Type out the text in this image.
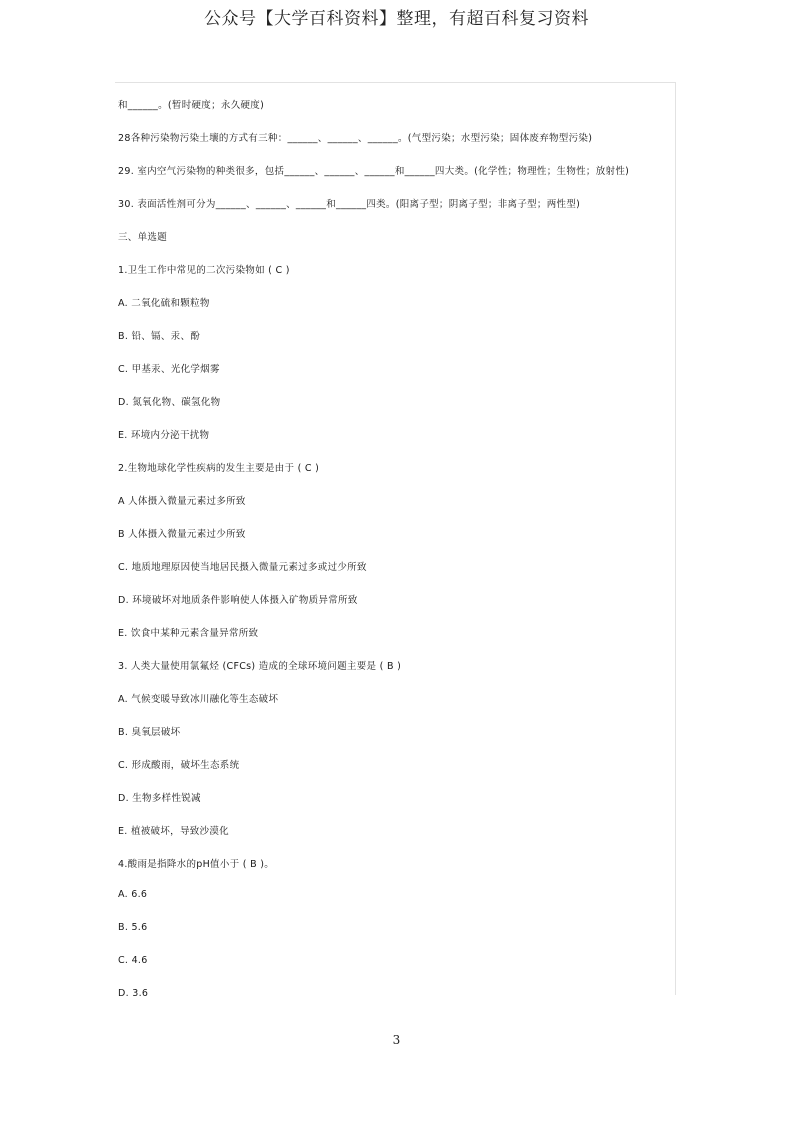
公众号【大学百科资料】整理，有超百科复习资料
和______。(暂时硬度；永久硬度)
28各种污染物污染土壤的方式有三种：______、______、______。(气型污染；水型污染；固体废弃物型污染)
29. 室内空气污染物的种类很多，包括______、______、______和______四大类。(化学性；物理性；生物性；放射性)
30. 表面活性剂可分为______、______、______和______四类。(阳离子型；阴离子型；非离子型；两性型)
三、单选题
1.卫生工作中常见的二次污染物如 ( C )
A. 二氧化硫和颗粒物
B. 铅、镉、汞、酚
C. 甲基汞、光化学烟雾
D. 氮氧化物、碳氢化物
E. 环境内分泌干扰物
2.生物地球化学性疾病的发生主要是由于 ( C )
A 人体摄入微量元素过多所致
B 人体摄入微量元素过少所致
C. 地质地理原因使当地居民摄入微量元素过多或过少所致
D. 环境破坏对地质条件影响使人体摄入矿物质异常所致
E. 饮食中某种元素含量异常所致
3. 人类大量使用氯氟烃 (CFCs) 造成的全球环境问题主要是 ( B )
A. 气候变暖导致冰川融化等生态破坏
B. 臭氧层破坏
C. 形成酸雨，破坏生态系统
D. 生物多样性锐减
E. 植被破坏，导致沙漠化
4.酸雨是指降水的pH值小于 ( B )。
A. 6.6
B. 5.6
C. 4.6
D. 3.6
3
